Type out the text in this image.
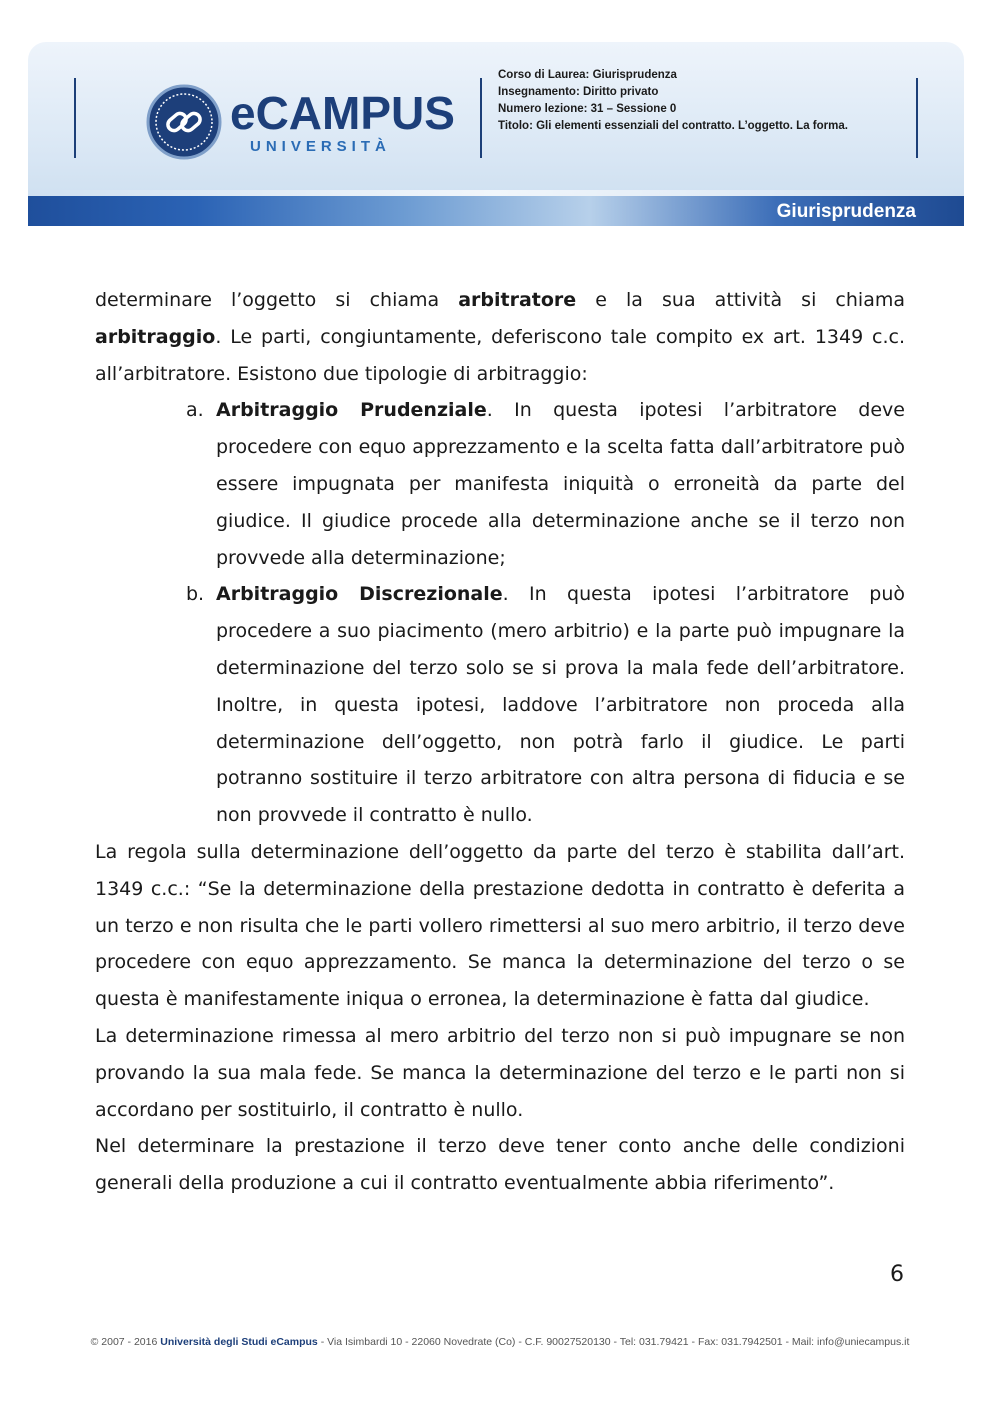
eCAMPUS
UNIVERSITÀ
Corso di Laurea: Giurisprudenza
Insegnamento: Diritto privato
Numero lezione: 31 – Sessione 0
Titolo: Gli elementi essenziali del contratto. L’oggetto. La forma.
Giurisprudenza

determinare l’oggetto si chiama arbitratore e la sua attività si chiama arbitraggio. Le parti, congiuntamente, deferiscono tale compito ex art. 1349 c.c. all’arbitratore. Esistono due tipologie di arbitraggio:

a. Arbitraggio Prudenziale. In questa ipotesi l’arbitratore deve procedere con equo apprezzamento e la scelta fatta dall’arbitratore può essere impugnata per manifesta iniquità o erroneità da parte del giudice. Il giudice procede alla determinazione anche se il terzo non provvede alla determinazione;
b. Arbitraggio Discrezionale. In questa ipotesi l’arbitratore può procedere a suo piacimento (mero arbitrio) e la parte può impugnare la determinazione del terzo solo se si prova la mala fede dell’arbitratore. Inoltre, in questa ipotesi, laddove l’arbitratore non proceda alla determinazione dell’oggetto, non potrà farlo il giudice. Le parti potranno sostituire il terzo arbitratore con altra persona di fiducia e se non provvede il contratto è nullo.

La regola sulla determinazione dell’oggetto da parte del terzo è stabilita dall’art. 1349 c.c.: “Se la determinazione della prestazione dedotta in contratto è deferita a un terzo e non risulta che le parti vollero rimettersi al suo mero arbitrio, il terzo deve procedere con equo apprezzamento. Se manca la determinazione del terzo o se questa è manifestamente iniqua o erronea, la determinazione è fatta dal giudice.

La determinazione rimessa al mero arbitrio del terzo non si può impugnare se non provando la sua mala fede. Se manca la determinazione del terzo e le parti non si accordano per sostituirlo, il contratto è nullo.

Nel determinare la prestazione il terzo deve tener conto anche delle condizioni generali della produzione a cui il contratto eventualmente abbia riferimento”.

6
© 2007 - 2016 Università degli Studi eCampus - Via Isimbardi 10 - 22060 Novedrate (Co) - C.F. 90027520130 - Tel: 031.79421 - Fax: 031.7942501 - Mail: info@uniecampus.it
